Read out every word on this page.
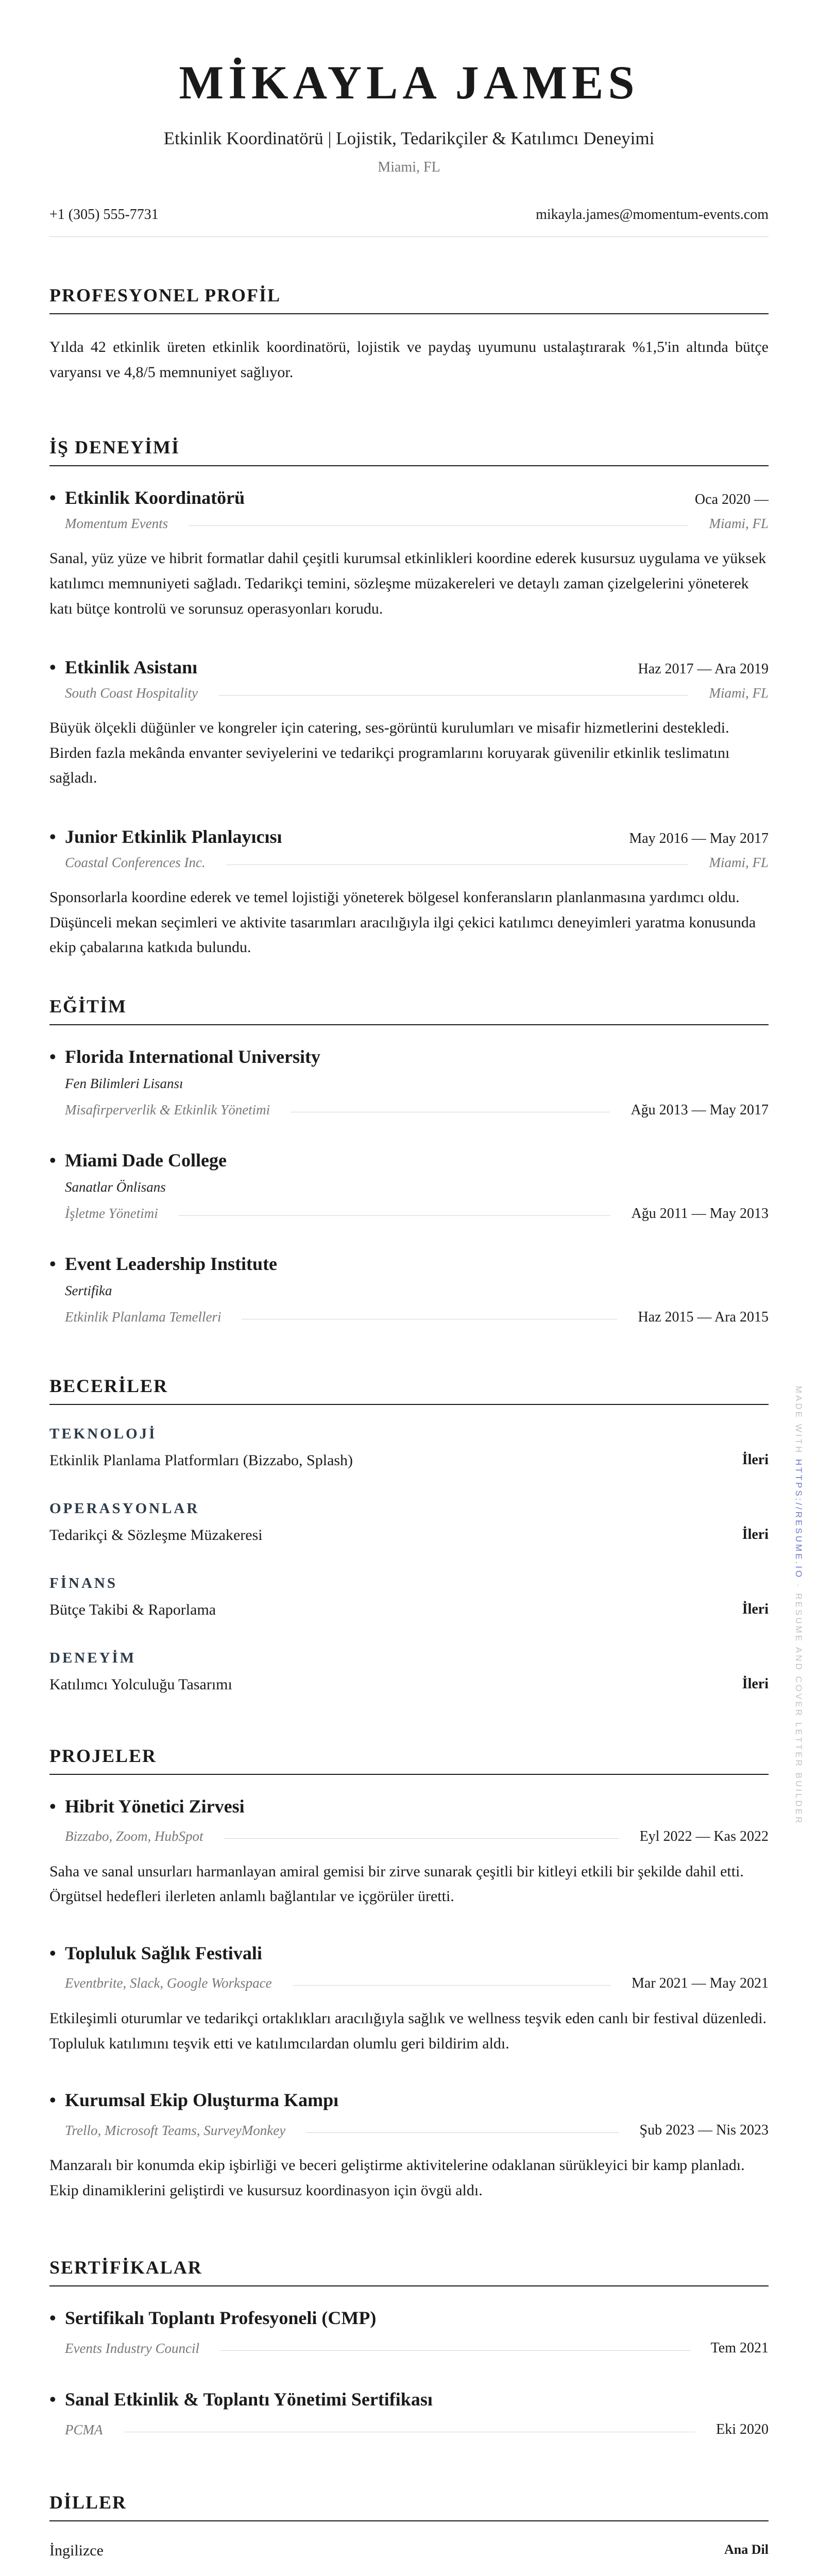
MİKAYLA JAMES
Etkinlik Koordinatörü | Lojistik, Tedarikçiler & Katılımcı Deneyimi
Miami, FL
+1 (305) 555-7731	mikayla.james@momentum-events.com
PROFESYONEL PROFİL
Yılda 42 etkinlik üreten etkinlik koordinatörü, lojistik ve paydaş uyumunu ustalaştırarak %1,5'in altında bütçe varyansı ve 4,8/5 memnuniyet sağlıyor.
İŞ DENEYİMİ
• Etkinlik Koordinatörü	Oca 2020 —
Momentum Events	Miami, FL
Sanal, yüz yüze ve hibrit formatlar dahil çeşitli kurumsal etkinlikleri koordine ederek kusursuz uygulama ve yüksek katılımcı memnuniyeti sağladı. Tedarikçi temini, sözleşme müzakereleri ve detaylı zaman çizelgelerini yöneterek katı bütçe kontrolü ve sorunsuz operasyonları korudu.
• Etkinlik Asistanı	Haz 2017 — Ara 2019
South Coast Hospitality	Miami, FL
Büyük ölçekli düğünler ve kongreler için catering, ses-görüntü kurulumları ve misafir hizmetlerini destekledi. Birden fazla mekânda envanter seviyelerini ve tedarikçi programlarını koruyarak güvenilir etkinlik teslimatını sağladı.
• Junior Etkinlik Planlayıcısı	May 2016 — May 2017
Coastal Conferences Inc.	Miami, FL
Sponsorlarla koordine ederek ve temel lojistiği yöneterek bölgesel konferansların planlanmasına yardımcı oldu. Düşünceli mekan seçimleri ve aktivite tasarımları aracılığıyla ilgi çekici katılımcı deneyimleri yaratma konusunda ekip çabalarına katkıda bulundu.
EĞİTİM
• Florida International University
Fen Bilimleri Lisansı
Misafirperverlik & Etkinlik Yönetimi	Ağu 2013 — May 2017
• Miami Dade College
Sanatlar Önlisans
İşletme Yönetimi	Ağu 2011 — May 2013
• Event Leadership Institute
Sertifika
Etkinlik Planlama Temelleri	Haz 2015 — Ara 2015
BECERİLER
TEKNOLOJİ
Etkinlik Planlama Platformları (Bizzabo, Splash)	İleri
OPERASYONLAR
Tedarikçi & Sözleşme Müzakeresi	İleri
FİNANS
Bütçe Takibi & Raporlama	İleri
DENEYİM
Katılımcı Yolculuğu Tasarımı	İleri
PROJELER
• Hibrit Yönetici Zirvesi
Bizzabo, Zoom, HubSpot	Eyl 2022 — Kas 2022
Saha ve sanal unsurları harmanlayan amiral gemisi bir zirve sunarak çeşitli bir kitleyi etkili bir şekilde dahil etti. Örgütsel hedefleri ilerleten anlamlı bağlantılar ve içgörüler üretti.
• Topluluk Sağlık Festivali
Eventbrite, Slack, Google Workspace	Mar 2021 — May 2021
Etkileşimli oturumlar ve tedarikçi ortaklıkları aracılığıyla sağlık ve wellness teşvik eden canlı bir festival düzenledi. Topluluk katılımını teşvik etti ve katılımcılardan olumlu geri bildirim aldı.
• Kurumsal Ekip Oluşturma Kampı
Trello, Microsoft Teams, SurveyMonkey	Şub 2023 — Nis 2023
Manzaralı bir konumda ekip işbirliği ve beceri geliştirme aktivitelerine odaklanan sürükleyici bir kamp planladı. Ekip dinamiklerini geliştirdi ve kusursuz koordinasyon için övgü aldı.
SERTİFİKALAR
• Sertifikalı Toplantı Profesyoneli (CMP)
Events Industry Council	Tem 2021
• Sanal Etkinlik & Toplantı Yönetimi Sertifikası
PCMA	Eki 2020
DİLLER
İngilizce	Ana Dil
MADE WITH HTTPS://RESUME.IO · RESUME AND COVER LETTER BUILDER
